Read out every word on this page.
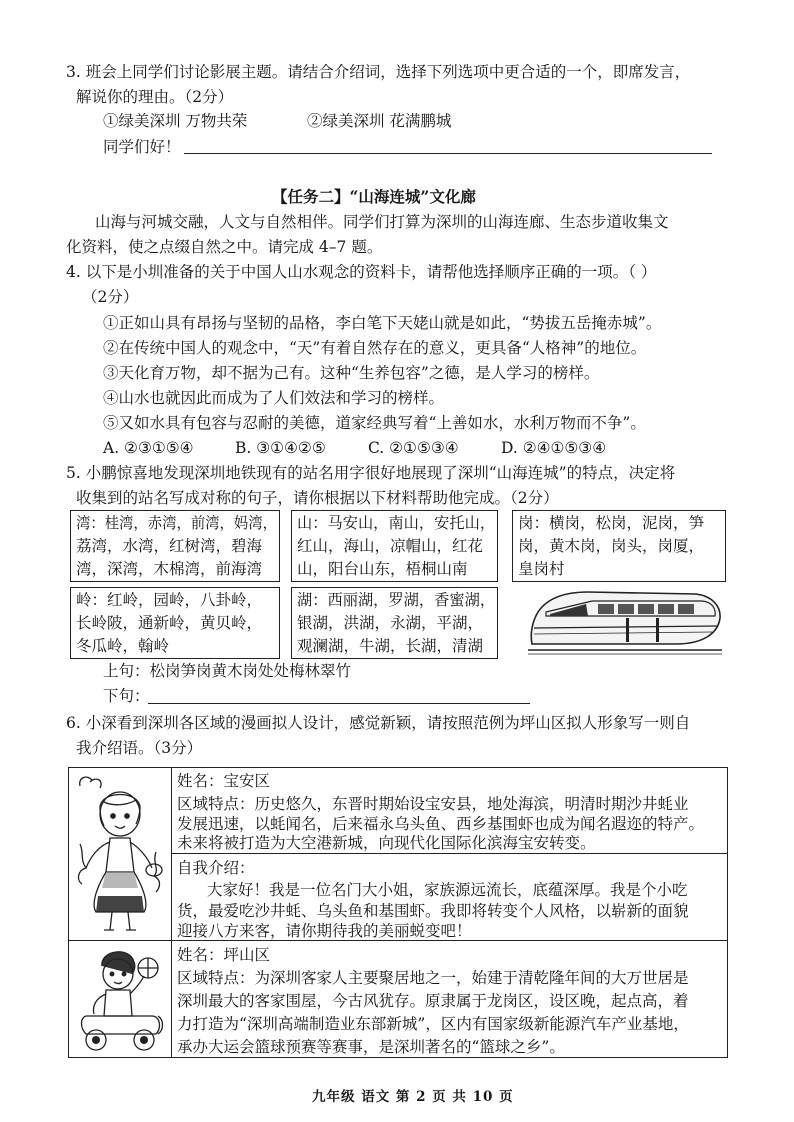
3. 班会上同学们讨论影展主题。请结合介绍词，选择下列选项中更合适的一个，即席发言，
解说你的理由。（2分）
①绿美深圳 万物共荣	②绿美深圳 花满鹏城
同学们好！
【任务二】“山海连城”文化廊
山海与河城交融，人文与自然相伴。同学们打算为深圳的山海连廊、生态步道收集文
化资料，使之点缀自然之中。请完成 4–7 题。
4. 以下是小圳准备的关于中国人山水观念的资料卡，请帮他选择顺序正确的一项。（ ）
（2分）
①正如山具有昂扬与坚韧的品格，李白笔下天姥山就是如此，“势拔五岳掩赤城”。
②在传统中国人的观念中，“天”有着自然存在的意义，更具备“人格神”的地位。
③天化育万物，却不据为己有。这种“生养包容”之德，是人学习的榜样。
④山水也就因此而成为了人们效法和学习的榜样。
⑤又如水具有包容与忍耐的美德，道家经典写着“上善如水，水利万物而不争”。
A. ②③①⑤④	B. ③①④②⑤	C. ②①⑤③④	D. ②④①⑤③④
5. 小鹏惊喜地发现深圳地铁现有的站名用字很好地展现了深圳“山海连城”的特点，决定将
收集到的站名写成对称的句子，请你根据以下材料帮助他完成。（2分）
湾：桂湾，赤湾，前湾，妈湾，
荔湾，水湾，红树湾，碧海
湾，深湾，木棉湾，前海湾
山：马安山，南山，安托山，
红山，海山，凉帽山，红花
山，阳台山东，梧桐山南
岗：横岗，松岗，泥岗，笋
岗，黄木岗，岗头，岗厦，
皇岗村
岭：红岭，园岭，八卦岭，
长岭陂，通新岭，黄贝岭，
冬瓜岭，翰岭
湖：西丽湖，罗湖，香蜜湖，
银湖，洪湖，永湖，平湖，
观澜湖，牛湖，长湖，清湖
上句：松岗笋岗黄木岗处处梅林翠竹
下句：
6. 小深看到深圳各区域的漫画拟人设计，感觉新颖，请按照范例为坪山区拟人形象写一则自
我介绍语。（3分）
姓名：宝安区
区域特点：历史悠久，东晋时期始设宝安县，地处海滨，明清时期沙井蚝业
发展迅速，以蚝闻名，后来福永乌头鱼、西乡基围虾也成为闻名遐迩的特产。
未来将被打造为大空港新城，向现代化国际化滨海宝安转变。
自我介绍：
大家好！我是一位名门大小姐，家族源远流长，底蕴深厚。我是个小吃
货，最爱吃沙井蚝、乌头鱼和基围虾。我即将转变个人风格，以崭新的面貌
迎接八方来客，请你期待我的美丽蜕变吧！
姓名：坪山区
区域特点：为深圳客家人主要聚居地之一，始建于清乾隆年间的大万世居是
深圳最大的客家围屋，今古风犹存。原隶属于龙岗区，设区晚，起点高，着
力打造为“深圳高端制造业东部新城”，区内有国家级新能源汽车产业基地，
承办大运会篮球预赛等赛事，是深圳著名的“篮球之乡”。
九年级 语文 第 2 页 共 10 页
